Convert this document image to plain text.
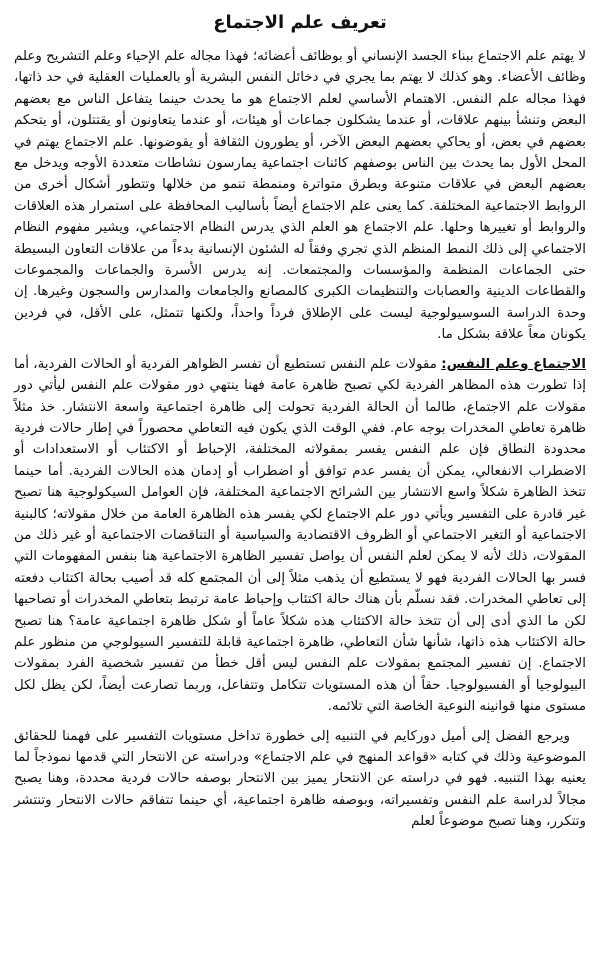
تعريف علم الاجتماع

لا يهتم علم الاجتماع ببناء الجسد الإنساني أو بوظائف أعضائه؛ فهذا مجاله علم الإحياء وعلم التشريح وعلم وظائف الأعضاء. وهو كذلك لا يهتم بما يجري في دخائل النفس البشرية أو بالعمليات العقلية في حد ذاتها، فهذا مجاله علم النفس. الاهتمام الأساسي لعلم الاجتماع هو ما يحدث حينما يتفاعل الناس مع بعضهم البعض وتنشأ بينهم علاقات، أو عندما يشكلون جماعات أو هيئات، أو عندما يتعاونون أو يقتتلون، أو يتحكم بعضهم في بعض، أو يحاكي بعضهم البعض الآخر، أو يطورون الثقافة أو يقوضونها. علم الاجتماع يهتم في المحل الأول بما يحدث بين الناس بوصفهم كائنات اجتماعية يمارسون نشاطات متعددة الأوجه ويدخل مع بعضهم البعض في علاقات متنوعة وبطرق متواترة ومنمطة تنمو من خلالها وتتطور أشكال أخرى من الروابط الاجتماعية المختلفة. كما يعنى علم الاجتماع أيضاً بأساليب المحافظة على استمرار هذه العلاقات والروابط أو تغييرها وحلها. علم الاجتماع هو العلم الذي يدرس النظام الاجتماعي، ويشير مفهوم النظام الاجتماعي إلى ذلك النمط المنظم الذي تجري وفقاً له الشئون الإنسانية بدءاً من علاقات التعاون البسيطة حتى الجماعات المنظمة والمؤسسات والمجتمعات. إنه يدرس الأسرة والجماعات والمجموعات والقطاعات الدينية والعصابات والتنظيمات الكبرى كالمصانع والجامعات والمدارس والسجون وغيرها. إن وحدة الدراسة السوسيولوجية ليست على الإطلاق فرداً واحداً، ولكنها تتمثل، على الأقل، في فردين يكونان معاً علاقة بشكل ما.

الاجتماع وعلم النفس: مقولات علم النفس تستطيع أن تفسر الظواهر الفردية أو الحالات الفردية، أما إذا تطورت هذه المظاهر الفردية لكي تصبح ظاهرة عامة فهنا ينتهي دور مقولات علم النفس ليأتي دور مقولات علم الاجتماع، طالما أن الحالة الفردية تحولت إلى ظاهرة اجتماعية واسعة الانتشار. خذ مثلاً ظاهرة تعاطي المخدرات بوجه عام. ففي الوقت الذي يكون فيه التعاطي محصوراً في إطار حالات فردية محدودة النطاق فإن علم النفس يفسر بمقولاته المختلفة، الإحباط أو الاكتئاب أو الاستعدادات أو الاضطراب الانفعالي، يمكن أن يفسر عدم توافق أو اضطراب أو إدمان هذه الحالات الفردية. أما حينما تتخذ الظاهرة شكلاً واسع الانتشار بين الشرائح الاجتماعية المختلفة، فإن العوامل السيكولوجية هنا تصبح غير قادرة على التفسير ويأتي دور علم الاجتماع لكي يفسر هذه الظاهرة العامة من خلال مقولاته؛ كالبنية الاجتماعية أو التغير الاجتماعي أو الظروف الاقتصادية والسياسية أو التناقضات الاجتماعية أو غير ذلك من المقولات، ذلك لأنه لا يمكن لعلم النفس أن يواصل تفسير الظاهرة الاجتماعية هنا بنفس المفهومات التي فسر بها الحالات الفردية فهو لا يستطيع أن يذهب مثلاً إلى أن المجتمع كله قد أصيب بحالة اكتئاب دفعته إلى تعاطي المخدرات. فقد نسلّم بأن هناك حالة اكتئاب وإحباط عامة ترتبط بتعاطي المخدرات أو تصاحبها لكن ما الذي أدى إلى أن تتخذ حالة الاكتئاب هذه شكلاً عاماً أو شكل ظاهرة اجتماعية عامة؟ هنا تصبح حالة الاكتئاب هذه ذاتها، شأنها شأن التعاطي، ظاهرة اجتماعية قابلة للتفسير السيولوجي من منظور علم الاجتماع. إن تفسير المجتمع بمقولات علم النفس ليس أقل خطأ من تفسير شخصية الفرد بمقولات البيولوجيا أو الفسيولوجيا. حقاً أن هذه المستويات تتكامل وتتفاعل، وربما تصارعت أيضاً، لكن يظل لكل مستوى منها قوانينه النوعية الخاصة التي تلائمه.

ويرجع الفضل إلى أميل دوركايم في التنبيه إلى خطورة تداخل مستويات التفسير على فهمنا للحقائق الموضوعية وذلك في كتابه «قواعد المنهج في علم الاجتماع» ودراسته عن الانتحار التي قدمها نموذجاً لما يعنيه بهذا التنبيه. فهو في دراسته عن الانتحار يميز بين الانتحار بوصفه حالات فردية محددة، وهنا يصبح مجالاً لدراسة علم النفس وتفسيراته، وبوصفه ظاهرة اجتماعية، أي حينما تتفاقم حالات الانتحار وتنتشر وتتكرر، وهنا تصبح موضوعاً لعلم
